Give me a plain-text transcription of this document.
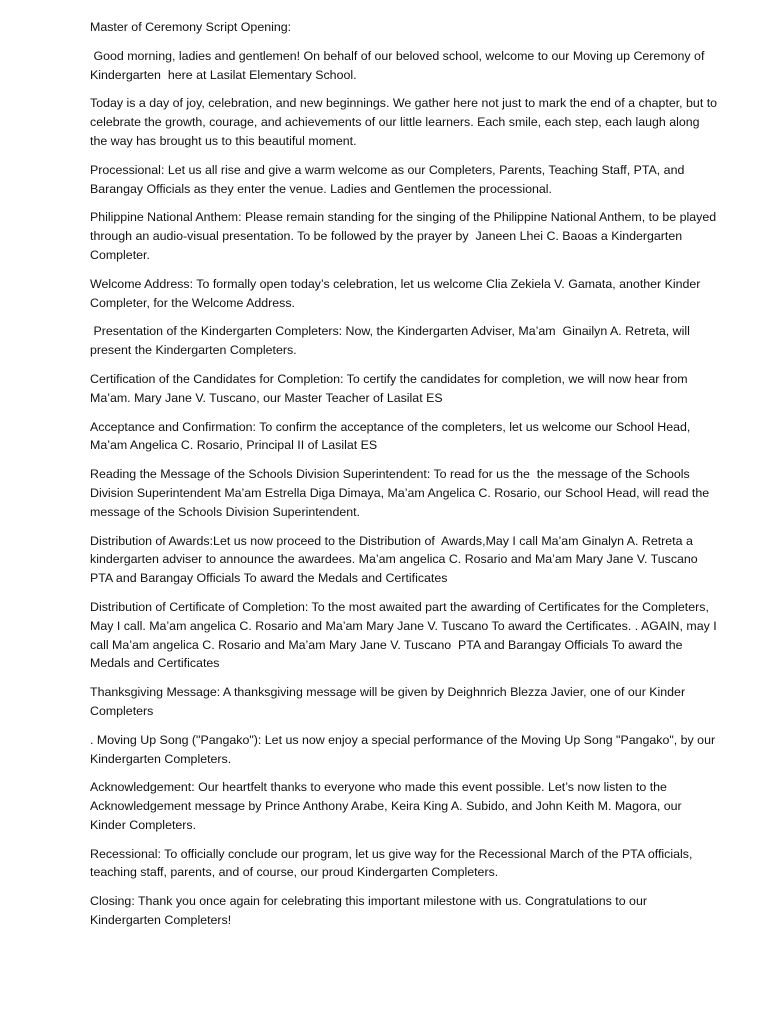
Master of Ceremony Script Opening:

Good morning, ladies and gentlemen! On behalf of our beloved school, welcome to our Moving up Ceremony of Kindergarten  here at Lasilat Elementary School.

Today is a day of joy, celebration, and new beginnings. We gather here not just to mark the end of a chapter, but to celebrate the growth, courage, and achievements of our little learners. Each smile, each step, each laugh along the way has brought us to this beautiful moment.

Processional: Let us all rise and give a warm welcome as our Completers, Parents, Teaching Staff, PTA, and Barangay Officials as they enter the venue. Ladies and Gentlemen the processional.

Philippine National Anthem: Please remain standing for the singing of the Philippine National Anthem, to be played through an audio-visual presentation. To be followed by the prayer by  Janeen Lhei C. Baoas a Kindergarten Completer.

Welcome Address: To formally open today’s celebration, let us welcome Clia Zekiela V. Gamata, another Kinder Completer, for the Welcome Address.

Presentation of the Kindergarten Completers: Now, the Kindergarten Adviser, Ma’am  Ginailyn A. Retreta, will present the Kindergarten Completers.

Certification of the Candidates for Completion: To certify the candidates for completion, we will now hear from Ma’am. Mary Jane V. Tuscano, our Master Teacher of Lasilat ES

Acceptance and Confirmation: To confirm the acceptance of the completers, let us welcome our School Head, Ma’am Angelica C. Rosario, Principal II of Lasilat ES

Reading the Message of the Schools Division Superintendent: To read for us the  the message of the Schools Division Superintendent Ma’am Estrella Diga Dimaya, Ma’am Angelica C. Rosario, our School Head, will read the message of the Schools Division Superintendent.

Distribution of Awards:Let us now proceed to the Distribution of  Awards,May I call Ma’am Ginalyn A. Retreta a kindergarten adviser to announce the awardees. Ma’am angelica C. Rosario and Ma’am Mary Jane V. Tuscano PTA and Barangay Officials To award the Medals and Certificates

Distribution of Certificate of Completion: To the most awaited part the awarding of Certificates for the Completers,  May I call. Ma’am angelica C. Rosario and Ma’am Mary Jane V. Tuscano To award the Certificates. . AGAIN, may I call Ma’am angelica C. Rosario and Ma’am Mary Jane V. Tuscano  PTA and Barangay Officials To award the Medals and Certificates

Thanksgiving Message: A thanksgiving message will be given by Deighnrich Blezza Javier, one of our Kinder Completers

. Moving Up Song ("Pangako"): Let us now enjoy a special performance of the Moving Up Song "Pangako", by our Kindergarten Completers.

Acknowledgement: Our heartfelt thanks to everyone who made this event possible. Let’s now listen to the Acknowledgement message by Prince Anthony Arabe, Keira King A. Subido, and John Keith M. Magora, our Kinder Completers.

Recessional: To officially conclude our program, let us give way for the Recessional March of the PTA officials, teaching staff, parents, and of course, our proud Kindergarten Completers.

Closing: Thank you once again for celebrating this important milestone with us. Congratulations to our Kindergarten Completers!
